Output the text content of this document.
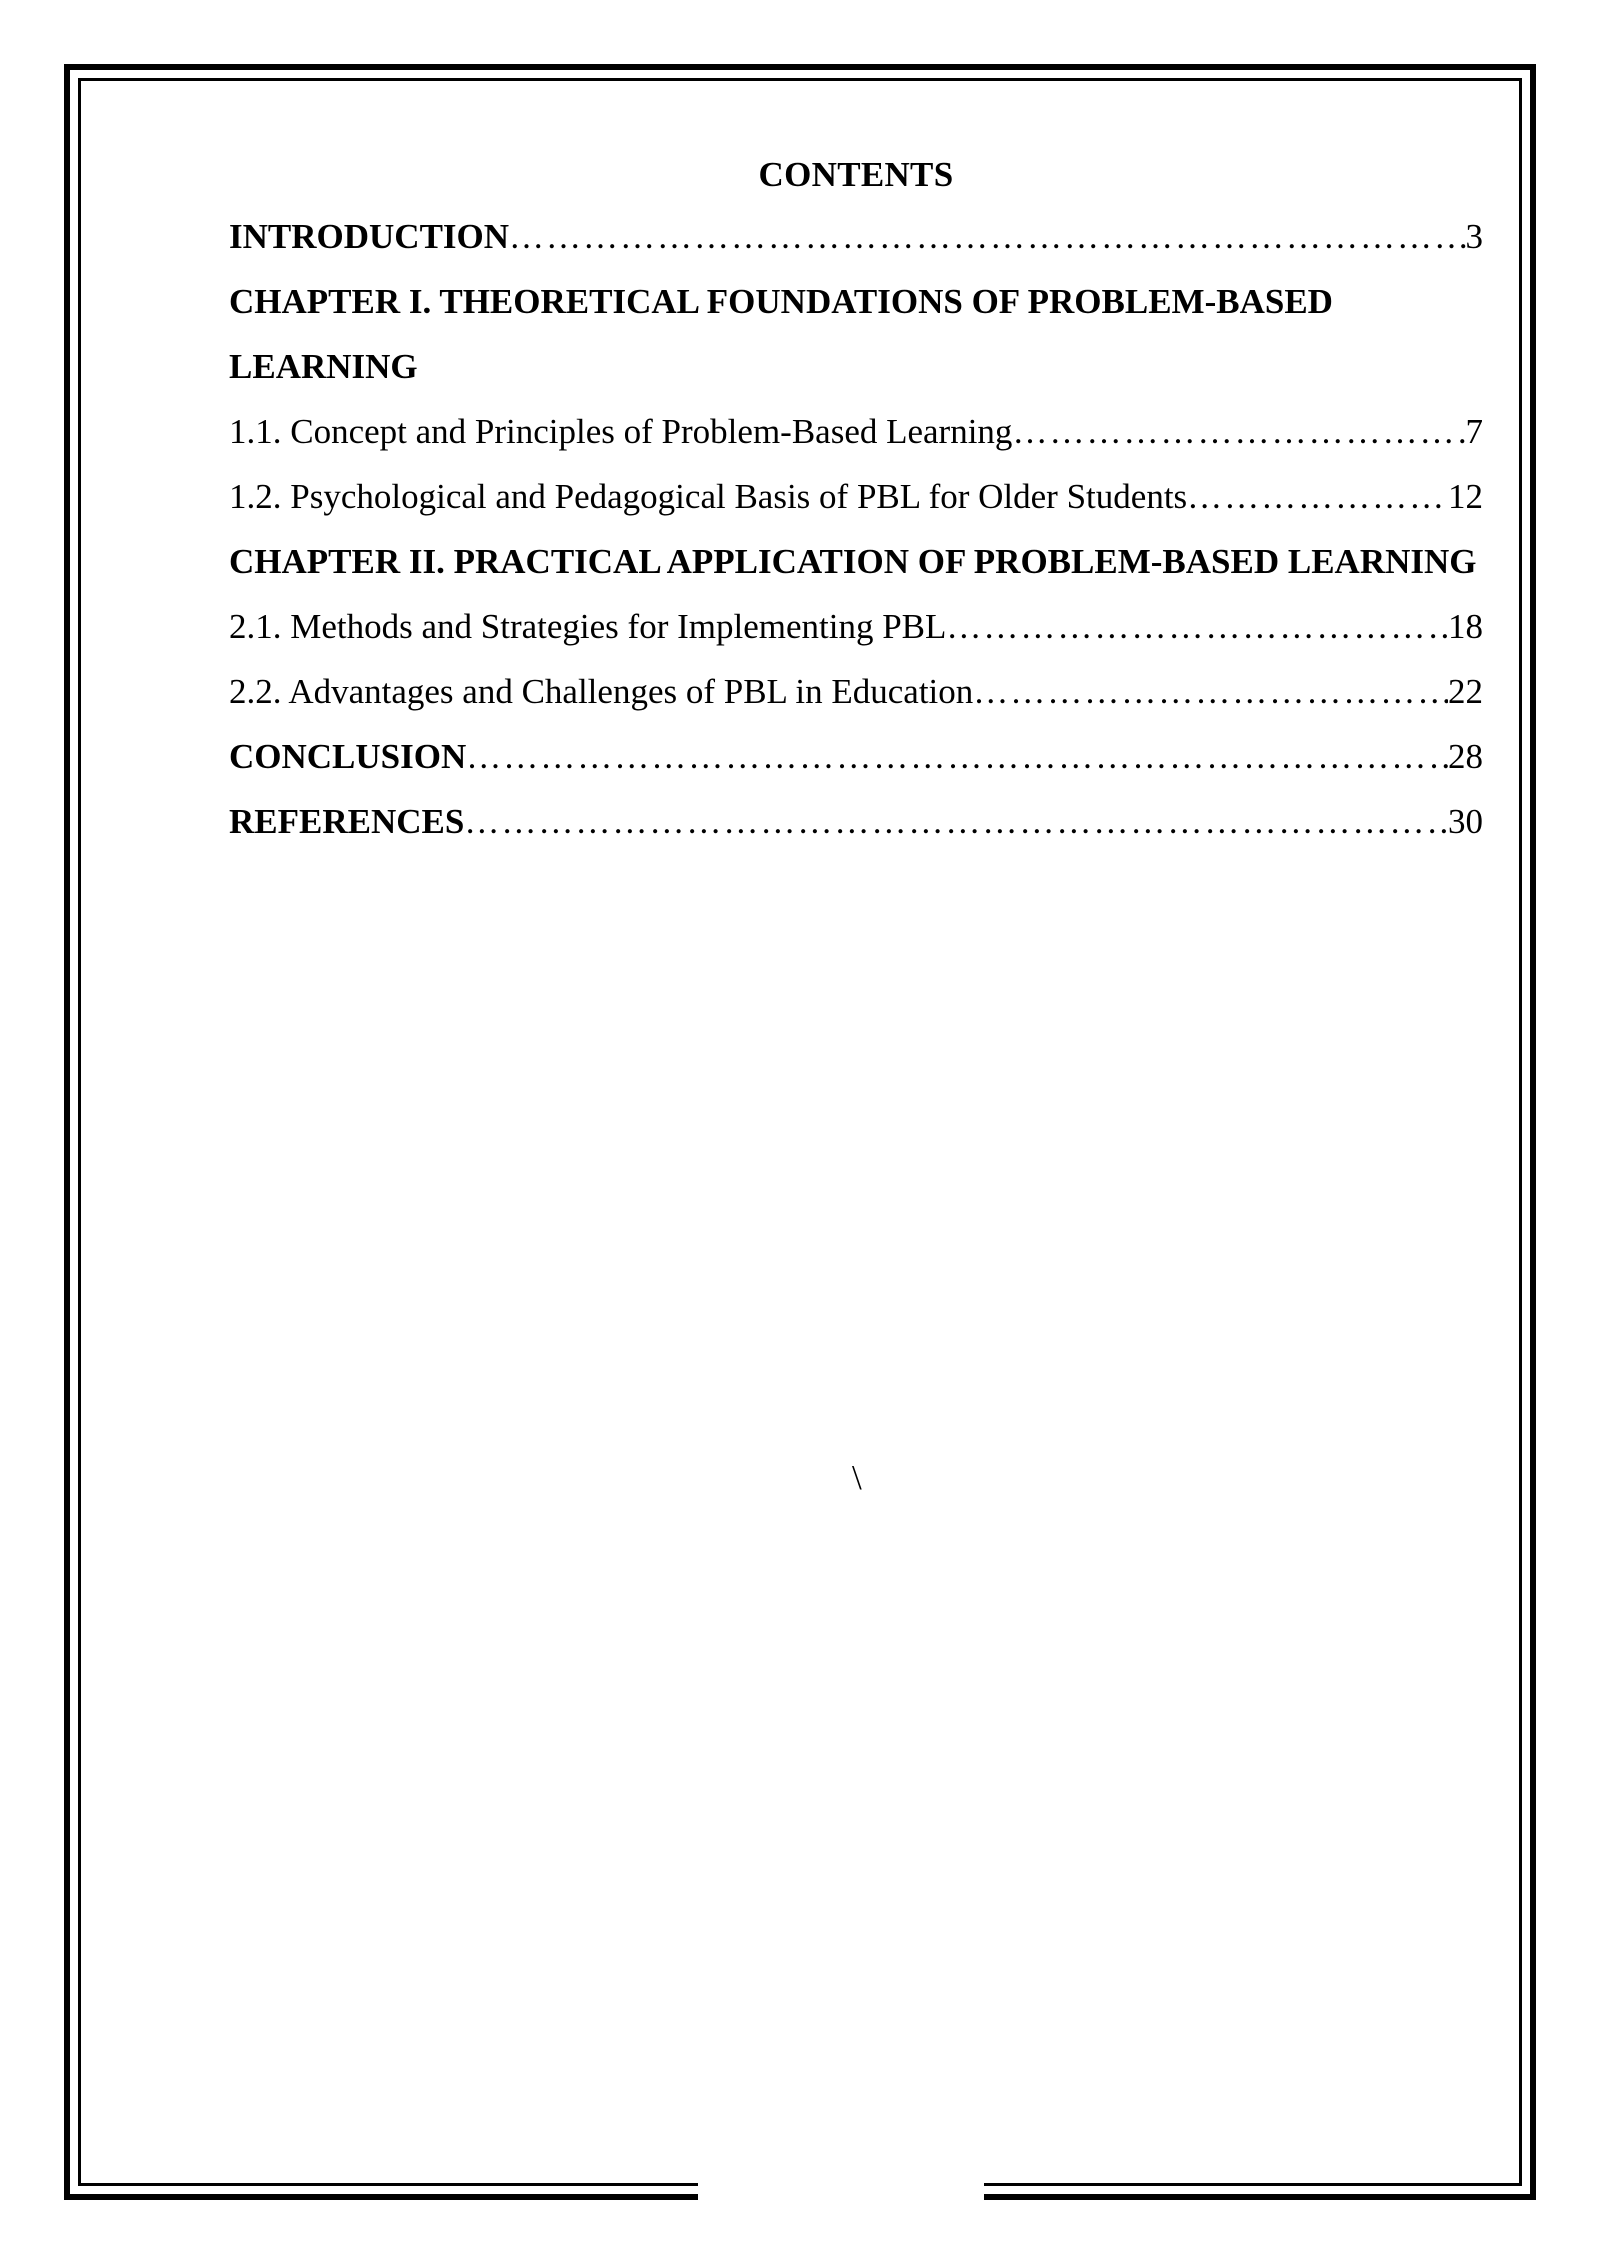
CONTENTS
INTRODUCTION ……………………………………………………………………………………………………………………………………………………………………………	3

CHAPTER I. THEORETICAL FOUNDATIONS OF PROBLEM-BASED LEARNING

1.1. Concept and Principles of Problem-Based Learning ……………………………………………………………………………………………………………………………………………………………………………	7
1.2. Psychological and Pedagogical Basis of PBL for Older Students ……………………………………………………………………………………………………………………………………………………………………………	12

CHAPTER II. PRACTICAL APPLICATION OF PROBLEM-BASED LEARNING

2.1. Methods and Strategies for Implementing PBL ……………………………………………………………………………………………………………………………………………………………………………	18
2.2. Advantages and Challenges of PBL in Education ……………………………………………………………………………………………………………………………………………………………………………	22
CONCLUSION ……………………………………………………………………………………………………………………………………………………………………………	28
REFERENCES ……………………………………………………………………………………………………………………………………………………………………………	30
\
